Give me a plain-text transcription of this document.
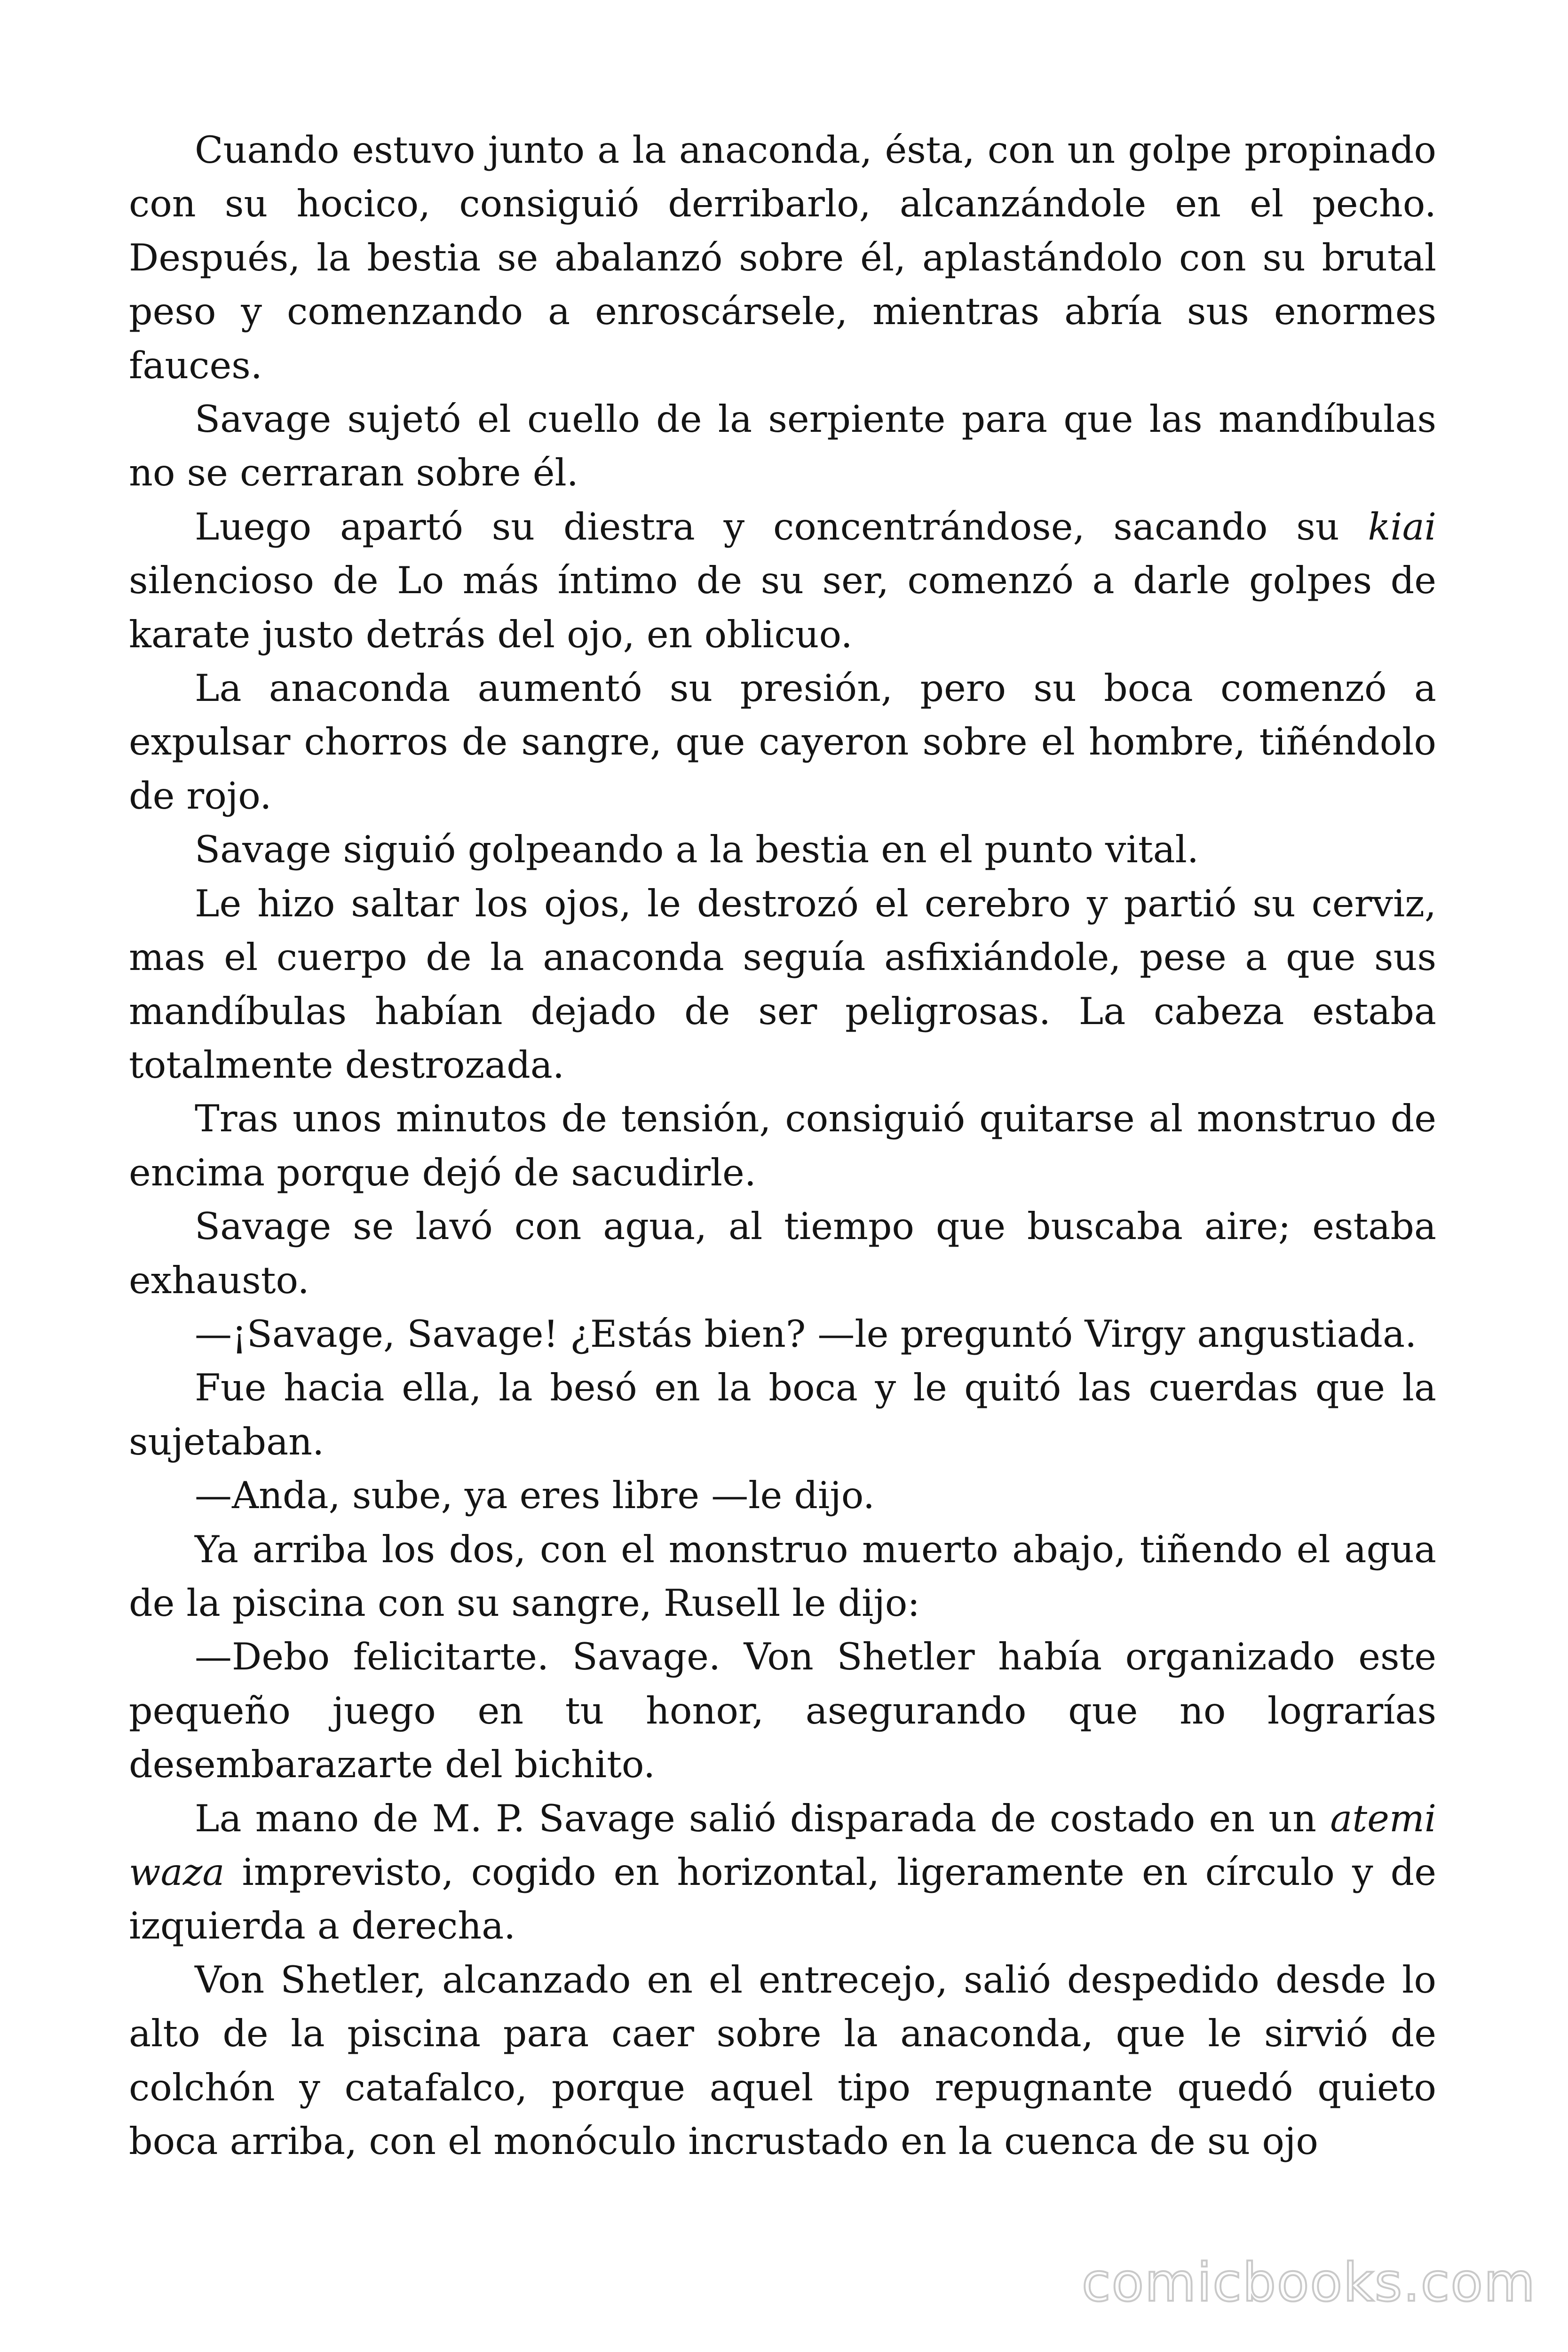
Cuando estuvo junto a la anaconda, ésta, con un golpe propinado con su hocico, consiguió derribarlo, alcanzándole en el pecho. Después, la bestia se abalanzó sobre él, aplastándolo con su brutal peso y comenzando a enroscársele, mientras abría sus enormes fauces.

Savage sujetó el cuello de la serpiente para que las mandíbulas no se cerraran sobre él.

Luego apartó su diestra y concentrándose, sacando su kiai silencioso de Lo más íntimo de su ser, comenzó a darle golpes de karate justo detrás del ojo, en oblicuo.

La anaconda aumentó su presión, pero su boca comenzó a expulsar chorros de sangre, que cayeron sobre el hombre, tiñéndolo de rojo.

Savage siguió golpeando a la bestia en el punto vital.

Le hizo saltar los ojos, le destrozó el cerebro y partió su cerviz, mas el cuerpo de la anaconda seguía asfixiándole, pese a que sus mandíbulas habían dejado de ser peligrosas. La cabeza estaba totalmente destrozada.

Tras unos minutos de tensión, consiguió quitarse al monstruo de encima porque dejó de sacudirle.

Savage se lavó con agua, al tiempo que buscaba aire; estaba exhausto.

—¡Savage, Savage! ¿Estás bien? —le preguntó Virgy angustiada.

Fue hacia ella, la besó en la boca y le quitó las cuerdas que la sujetaban.

—Anda, sube, ya eres libre —le dijo.

Ya arriba los dos, con el monstruo muerto abajo, tiñendo el agua de la piscina con su sangre, Rusell le dijo:

—Debo felicitarte. Savage. Von Shetler había organizado este pequeño juego en tu honor, asegurando que no lograrías desembarazarte del bichito.

La mano de M. P. Savage salió disparada de costado en un atemi waza imprevisto, cogido en horizontal, ligeramente en círculo y de izquierda a derecha.

Von Shetler, alcanzado en el entrecejo, salió despedido desde lo alto de la piscina para caer sobre la anaconda, que le sirvió de colchón y catafalco, porque aquel tipo repugnante quedó quieto boca arriba, con el monóculo incrustado en la cuenca de su ojo

comicbooks.com
